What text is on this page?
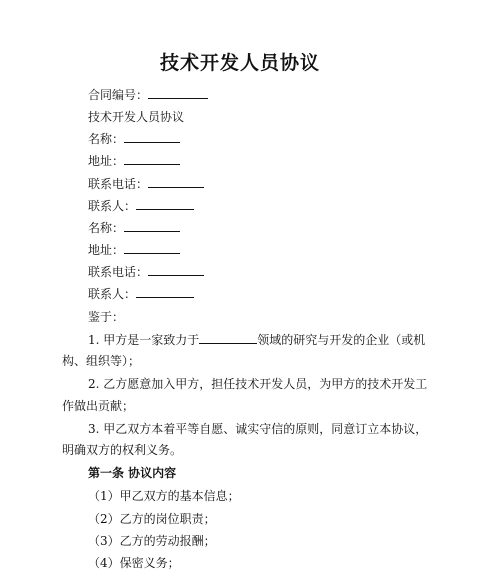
技术开发人员协议
合同编号：
技术开发人员协议
名称：
地址：
联系电话：
联系人：
名称：
地址：
联系电话：
联系人：
鉴于：
1. 甲方是一家致力于	领域的研究与开发的企业（或机
构、组织等）；
2. 乙方愿意加入甲方，担任技术开发人员，为甲方的技术开发工
作做出贡献；
3. 甲乙双方本着平等自愿、诚实守信的原则，同意订立本协议，
明确双方的权利义务。
第一条 协议内容
（1）甲乙双方的基本信息；
（2）乙方的岗位职责；
（3）乙方的劳动报酬；
（4）保密义务；
